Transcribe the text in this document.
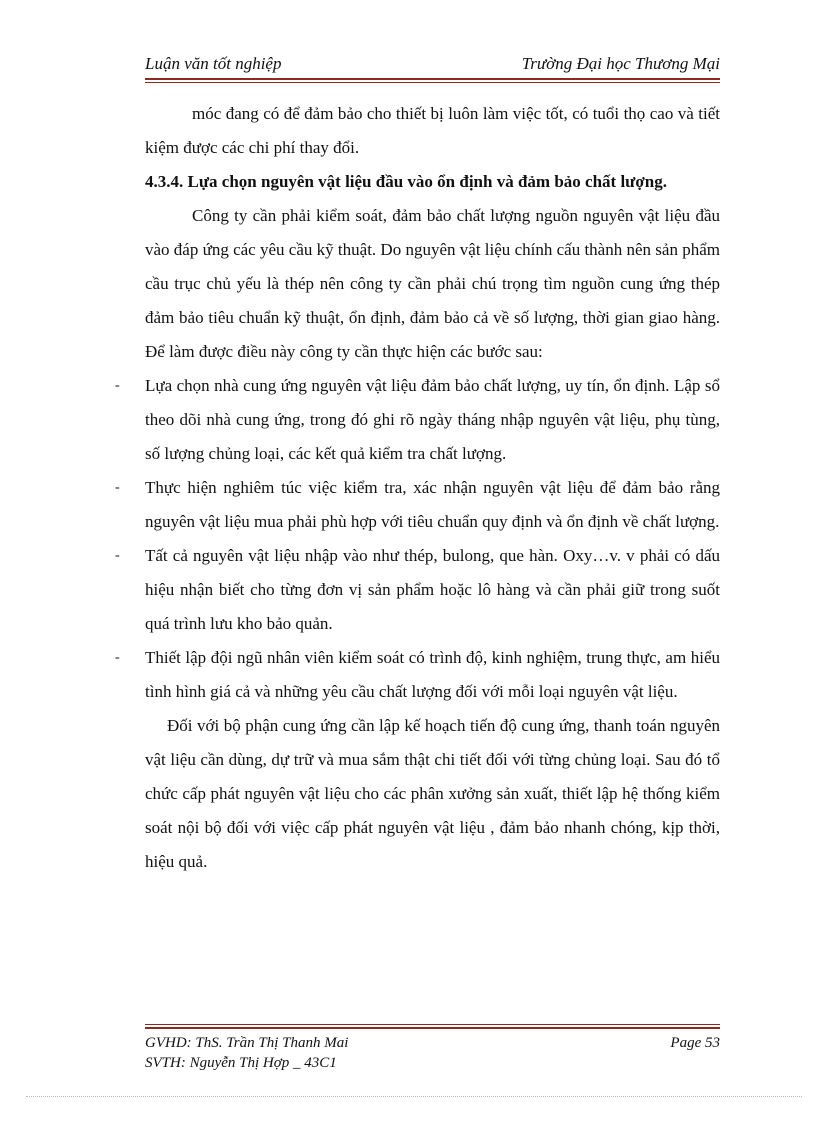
Luận văn tốt nghiệp	Trường Đại học Thương Mại

móc đang có để đảm bảo cho thiết bị luôn làm việc tốt, có tuổi thọ cao và tiết kiệm được các chi phí thay đổi.

4.3.4. Lựa chọn nguyên vật liệu đầu vào ổn định và đảm bảo chất lượng.

Công ty cần phải kiểm soát, đảm bảo chất lượng nguồn nguyên vật liệu đầu vào đáp ứng các yêu cầu kỹ thuật. Do nguyên vật liệu chính cấu thành nên sản phẩm cầu trục chủ yếu là thép nên công ty cần phải chú trọng tìm nguồn cung ứng thép đảm bảo tiêu chuẩn kỹ thuật, ổn định, đảm bảo cả về số lượng, thời gian giao hàng. Để làm được điều này công ty cần thực hiện các bước sau:

-	Lựa chọn nhà cung ứng nguyên vật liệu đảm bảo chất lượng, uy tín, ổn định. Lập sổ theo dõi nhà cung ứng, trong đó ghi rõ ngày tháng nhập nguyên vật liệu, phụ tùng, số lượng chủng loại, các kết quả kiểm tra chất lượng.

-	Thực hiện nghiêm túc việc kiểm tra, xác nhận nguyên vật liệu để đảm bảo rằng nguyên vật liệu mua phải phù hợp với tiêu chuẩn quy định và ổn định về chất lượng.

-	Tất cả nguyên vật liệu nhập vào như thép, bulong, que hàn. Oxy…v. v phải có dấu hiệu nhận biết cho từng đơn vị sản phẩm hoặc lô hàng và cần phải giữ trong suốt quá trình lưu kho bảo quản.

-	Thiết lập đội ngũ nhân viên kiểm soát có trình độ, kinh nghiệm, trung thực, am hiểu tình hình giá cả và những yêu cầu chất lượng đối với mỗi loại nguyên vật liệu.

Đối với bộ phận cung ứng cần lập kế hoạch tiến độ cung ứng, thanh toán nguyên vật liệu cần dùng, dự trữ và mua sắm thật chi tiết đối với từng chủng loại. Sau đó tổ chức cấp phát nguyên vật liệu cho các phân xưởng sản xuất, thiết lập hệ thống kiểm soát nội bộ đối với việc cấp phát nguyên vật liệu , đảm bảo nhanh chóng, kịp thời, hiệu quả.

GVHD: ThS. Trần Thị Thanh Mai	Page 53
SVTH: Nguyễn Thị Hợp _ 43C1
